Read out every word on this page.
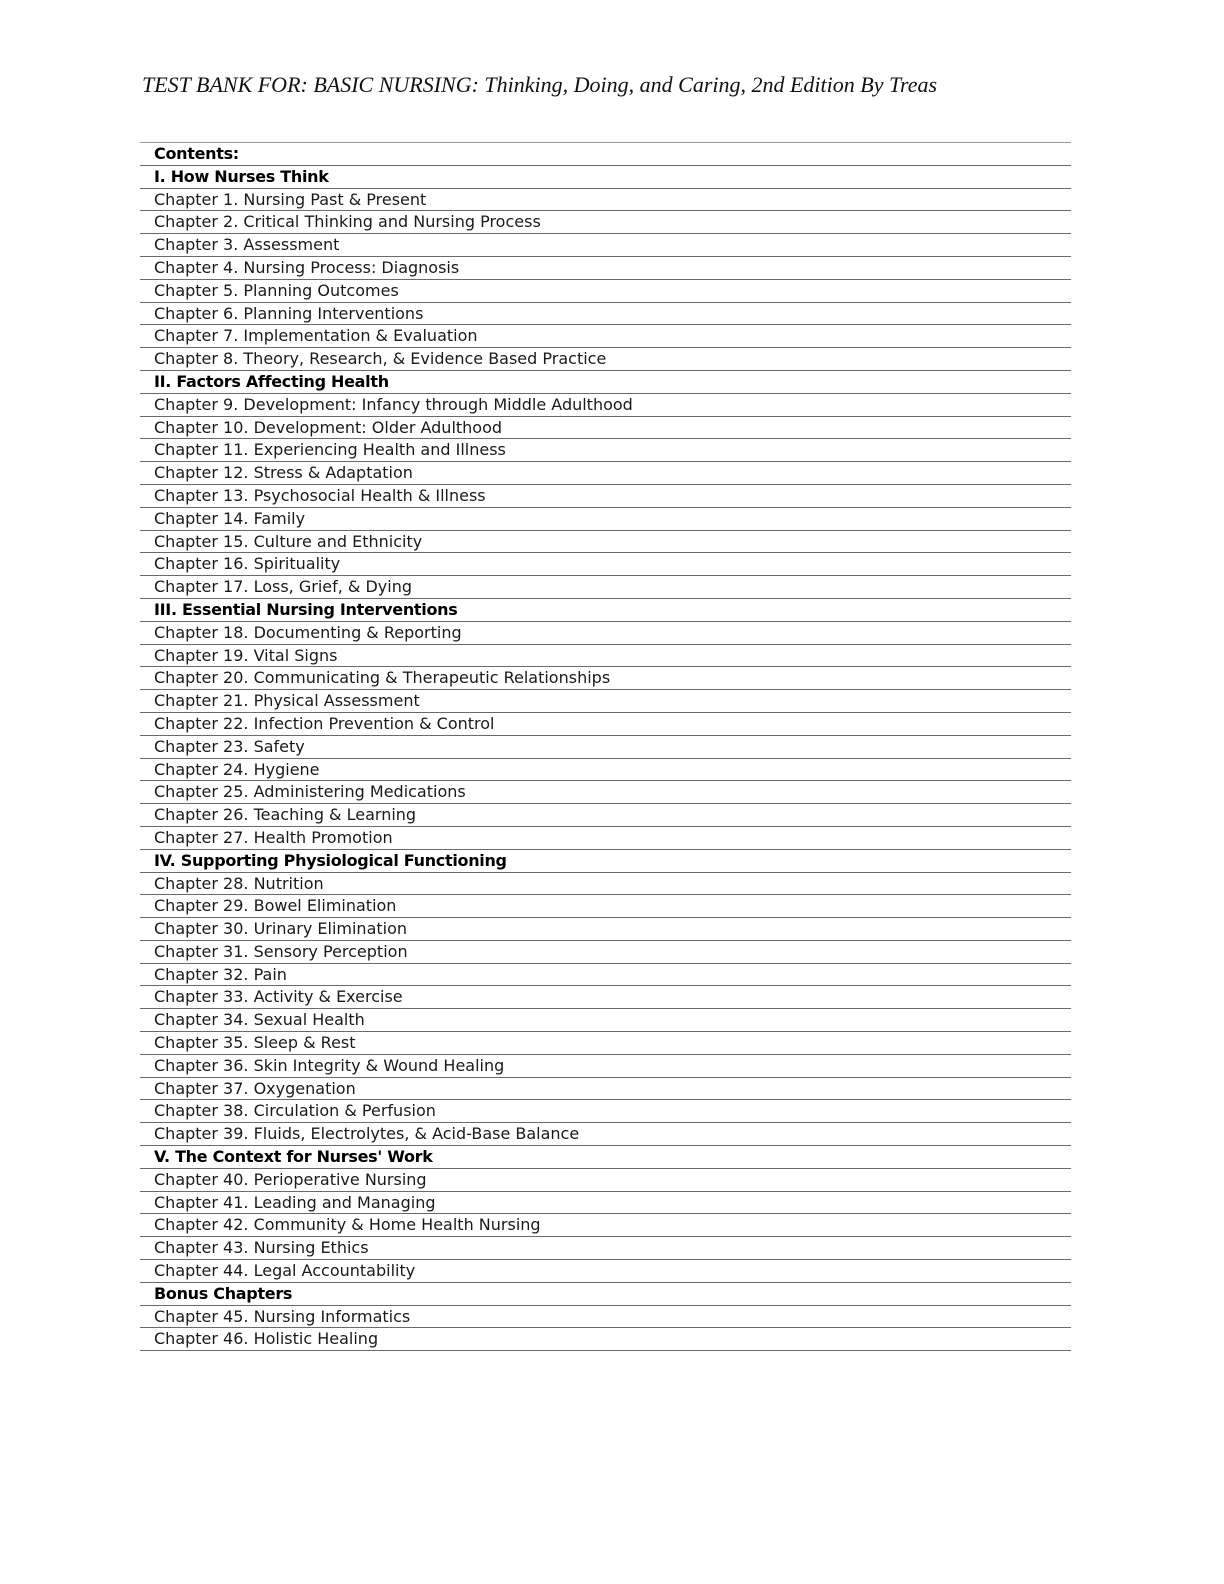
TEST BANK FOR: BASIC NURSING: Thinking, Doing, and Caring, 2nd Edition By Treas
Contents:
I. How Nurses Think
Chapter 1. Nursing Past & Present
Chapter 2. Critical Thinking and Nursing Process
Chapter 3. Assessment
Chapter 4. Nursing Process: Diagnosis
Chapter 5. Planning Outcomes
Chapter 6. Planning Interventions
Chapter 7. Implementation & Evaluation
Chapter 8. Theory, Research, & Evidence Based Practice
II. Factors Affecting Health
Chapter 9. Development: Infancy through Middle Adulthood
Chapter 10. Development: Older Adulthood
Chapter 11. Experiencing Health and Illness
Chapter 12. Stress & Adaptation
Chapter 13. Psychosocial Health & Illness
Chapter 14. Family
Chapter 15. Culture and Ethnicity
Chapter 16. Spirituality
Chapter 17. Loss, Grief, & Dying
III. Essential Nursing Interventions
Chapter 18. Documenting & Reporting
Chapter 19. Vital Signs
Chapter 20. Communicating & Therapeutic Relationships
Chapter 21. Physical Assessment
Chapter 22. Infection Prevention & Control
Chapter 23. Safety
Chapter 24. Hygiene
Chapter 25. Administering Medications
Chapter 26. Teaching & Learning
Chapter 27. Health Promotion
IV. Supporting Physiological Functioning
Chapter 28. Nutrition
Chapter 29. Bowel Elimination
Chapter 30. Urinary Elimination
Chapter 31. Sensory Perception
Chapter 32. Pain
Chapter 33. Activity & Exercise
Chapter 34. Sexual Health
Chapter 35. Sleep & Rest
Chapter 36. Skin Integrity & Wound Healing
Chapter 37. Oxygenation
Chapter 38. Circulation & Perfusion
Chapter 39. Fluids, Electrolytes, & Acid-Base Balance
V. The Context for Nurses' Work
Chapter 40. Perioperative Nursing
Chapter 41. Leading and Managing
Chapter 42. Community & Home Health Nursing
Chapter 43. Nursing Ethics
Chapter 44. Legal Accountability
Bonus Chapters
Chapter 45. Nursing Informatics
Chapter 46. Holistic Healing
